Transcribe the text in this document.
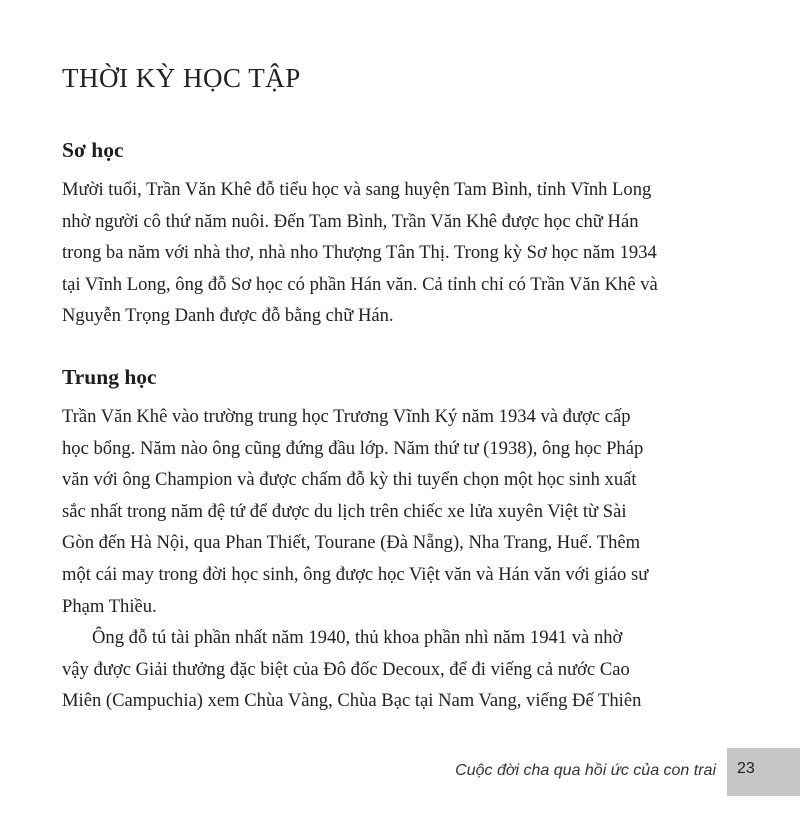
THỜI KỲ HỌC TẬP
Sơ học

Mười tuổi, Trần Văn Khê đỗ tiểu học và sang huyện Tam Bình, tỉnh Vĩnh Long
nhờ người cô thứ năm nuôi. Đến Tam Bình, Trần Văn Khê được học chữ Hán
trong ba năm với nhà thơ, nhà nho Thượng Tân Thị. Trong kỳ Sơ học năm 1934
tại Vĩnh Long, ông đỗ Sơ học có phần Hán văn. Cả tỉnh chỉ có Trần Văn Khê và
Nguyễn Trọng Danh được đỗ bằng chữ Hán.

Trung học

Trần Văn Khê vào trường trung học Trương Vĩnh Ký năm 1934 và được cấp
học bổng. Năm nào ông cũng đứng đầu lớp. Năm thứ tư (1938), ông học Pháp
văn với ông Champion và được chấm đỗ kỳ thi tuyển chọn một học sinh xuất
sắc nhất trong năm đệ tứ để được du lịch trên chiếc xe lửa xuyên Việt từ Sài
Gòn đến Hà Nội, qua Phan Thiết, Tourane (Đà Nẵng), Nha Trang, Huế. Thêm
một cái may trong đời học sinh, ông được học Việt văn và Hán văn với giáo sư
Phạm Thiều.

Ông đỗ tú tài phần nhất năm 1940, thủ khoa phần nhì năm 1941 và nhờ
vậy được Giải thưởng đặc biệt của Đô đốc Decoux, để đi viếng cả nước Cao
Miên (Campuchia) xem Chùa Vàng, Chùa Bạc tại Nam Vang, viếng Đế Thiên

Cuộc đời cha qua hồi ức của con trai 23
